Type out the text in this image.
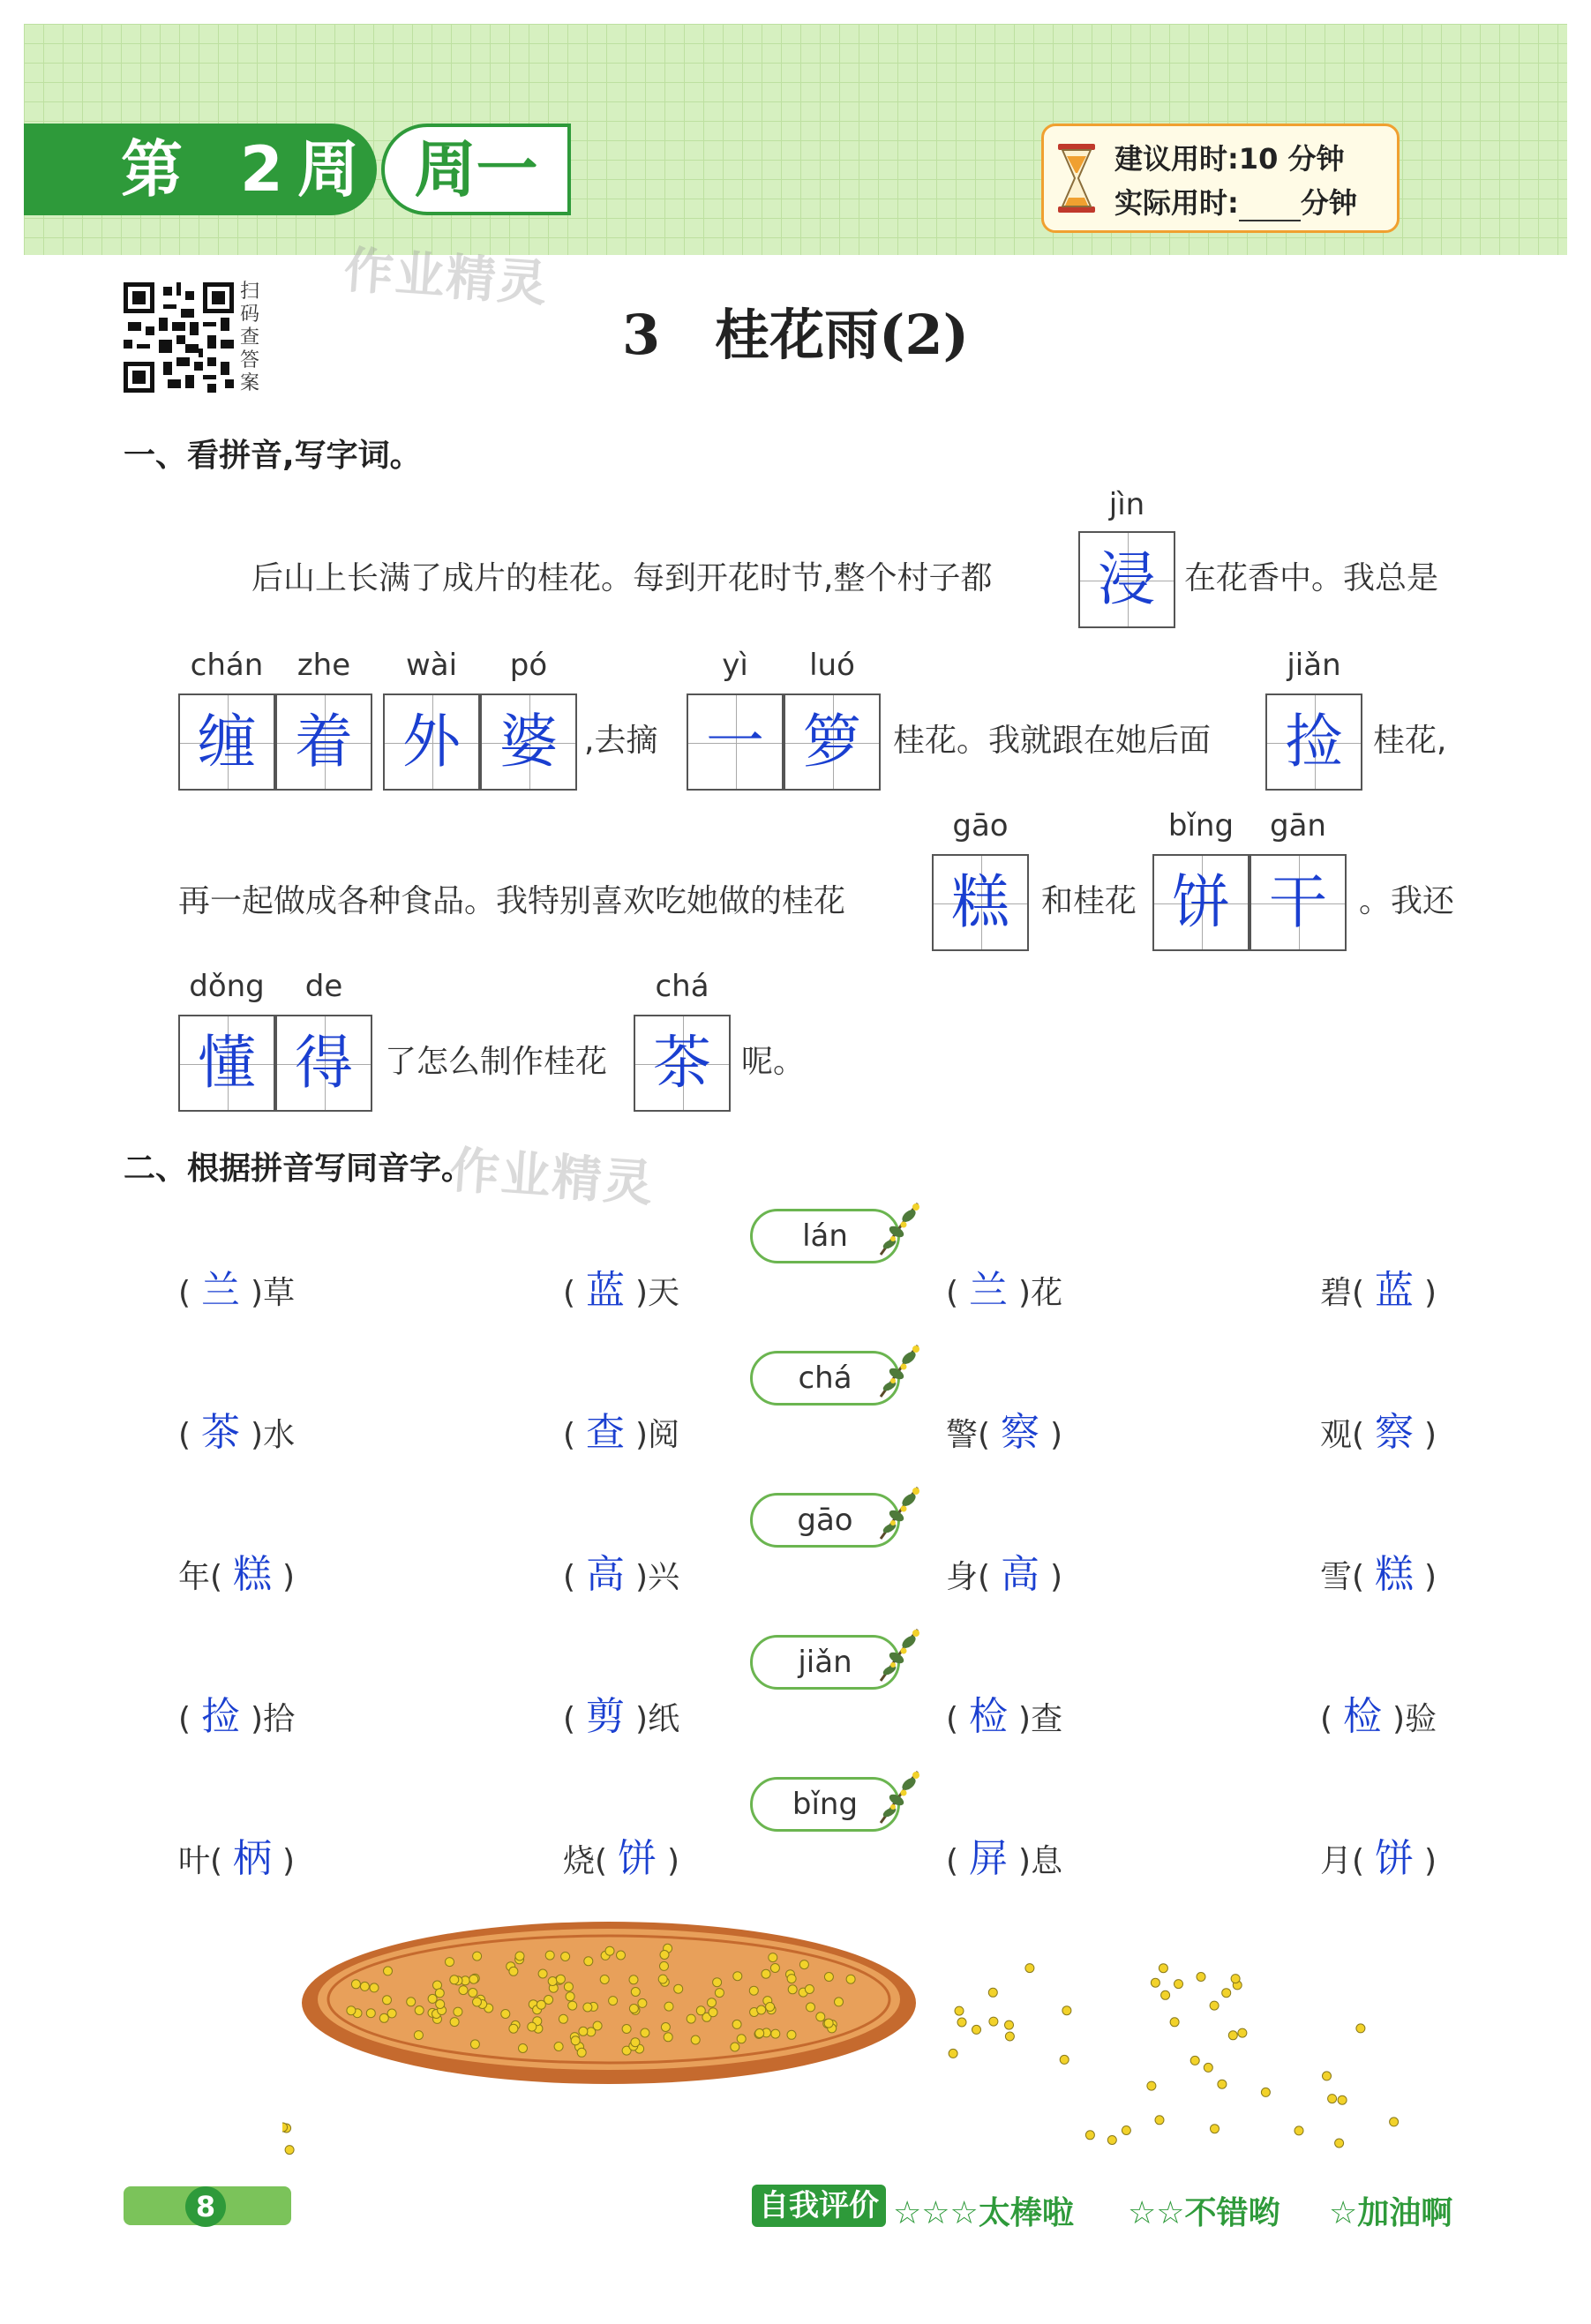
第 2 周 周一	建议用时:10 分钟
实际用时: 分钟
扫码查答案
作业精灵
作业精灵
3　桂花雨(2)
一、看拼音,写字词。
后山上长满了成片的桂花。每到开花时节,整个村子都
jìn
浸 在花香中。我总是
chán	zhe
缠 着
wài	pó
外 婆 ,去摘
yì	luó
一 箩	桂花。我就跟在她后面
jiǎn
捡 桂花,
再一起做成各种食品。我特别喜欢吃她做的桂花
gāo
糕	和桂花
bǐng	gān
饼 干	。我还
dǒng	de
懂 得	了怎么制作桂花
chá
茶 呢。
二、根据拼音写同音字。
lán
( 兰 )草	( 蓝 )天	( 兰 )花	碧( 蓝 )
chá
( 茶 )水	( 查 )阅	警( 察 )	观( 察 )
gāo
年( 糕 )	( 高 )兴	身( 高 )	雪( 糕 )
jiǎn
( 捡 )拾	( 剪 )纸	( 检 )查	( 检 )验
bǐng
叶( 柄 )	烧( 饼 )	( 屏 )息	月( 饼 )
8	自我评价 ☆☆☆太棒啦 ☆☆不错哟 ☆加油啊
